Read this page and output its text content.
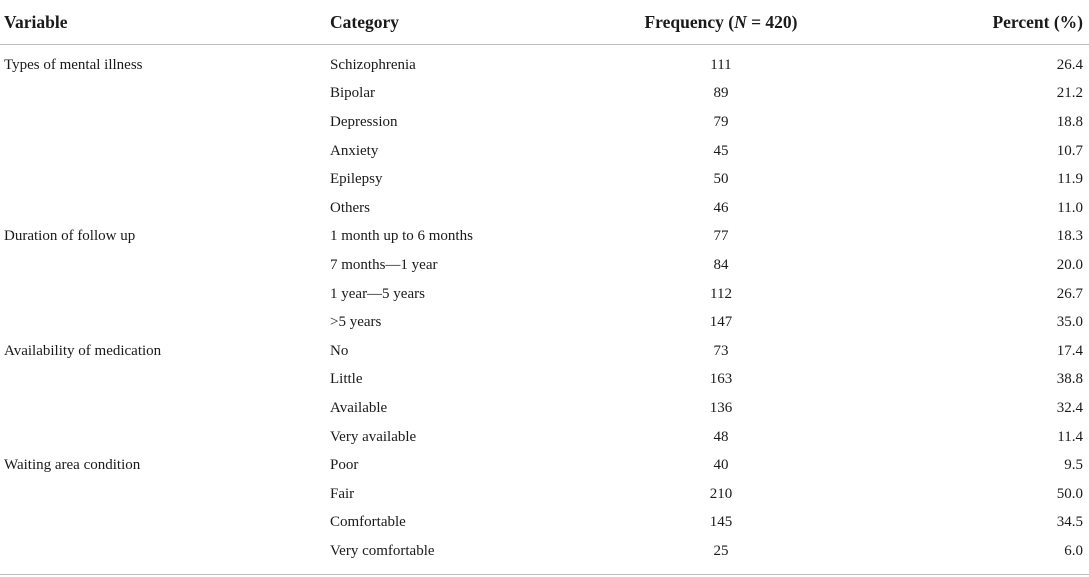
Variable	Category	Frequency (N = 420)	Percent (%)
Types of mental illness	Schizophrenia	111	26.4
	Bipolar	89	21.2
	Depression	79	18.8
	Anxiety	45	10.7
	Epilepsy	50	11.9
	Others	46	11.0
Duration of follow up	1 month up to 6 months	77	18.3
	7 months—1 year	84	20.0
	1 year—5 years	112	26.7
	>5 years	147	35.0
Availability of medication	No	73	17.4
	Little	163	38.8
	Available	136	32.4
	Very available	48	11.4
Waiting area condition	Poor	40	9.5
	Fair	210	50.0
	Comfortable	145	34.5
	Very comfortable	25	6.0
